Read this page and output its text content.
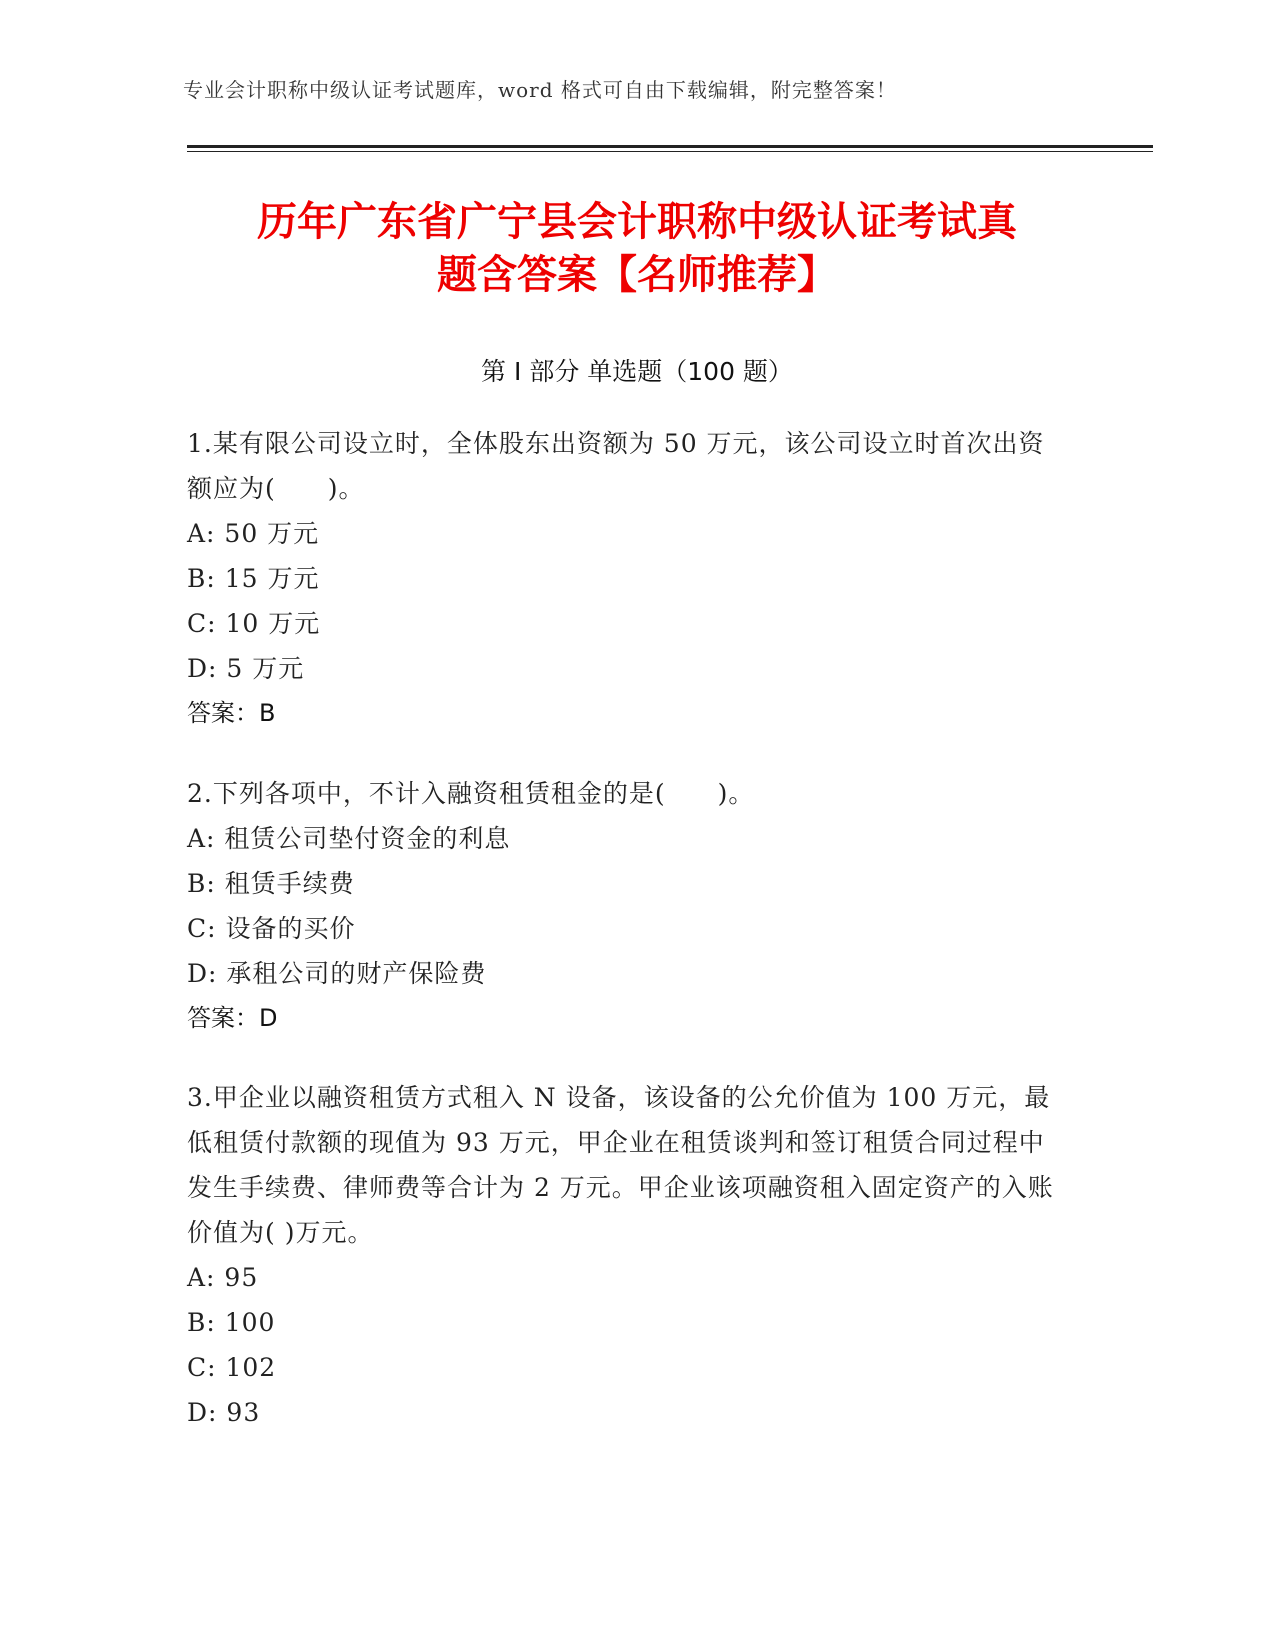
专业会计职称中级认证考试题库，word 格式可自由下载编辑，附完整答案！
历年广东省广宁县会计职称中级认证考试真
题含答案【名师推荐】
第 I 部分 单选题（100 题）

1.某有限公司设立时，全体股东出资额为 50 万元，该公司设立时首次出资额应为(　　)。

A: 50 万元

B: 15 万元

C: 10 万元

D: 5 万元

答案：B

2.下列各项中，不计入融资租赁租金的是(　　)。

A: 租赁公司垫付资金的利息

B: 租赁手续费

C: 设备的买价

D: 承租公司的财产保险费

答案：D

3.甲企业以融资租赁方式租入 N 设备，该设备的公允价值为 100 万元，最低租赁付款额的现值为 93 万元，甲企业在租赁谈判和签订租赁合同过程中发生手续费、律师费等合计为 2 万元。甲企业该项融资租入固定资产的入账价值为( )万元。

A: 95

B: 100

C: 102

D: 93
